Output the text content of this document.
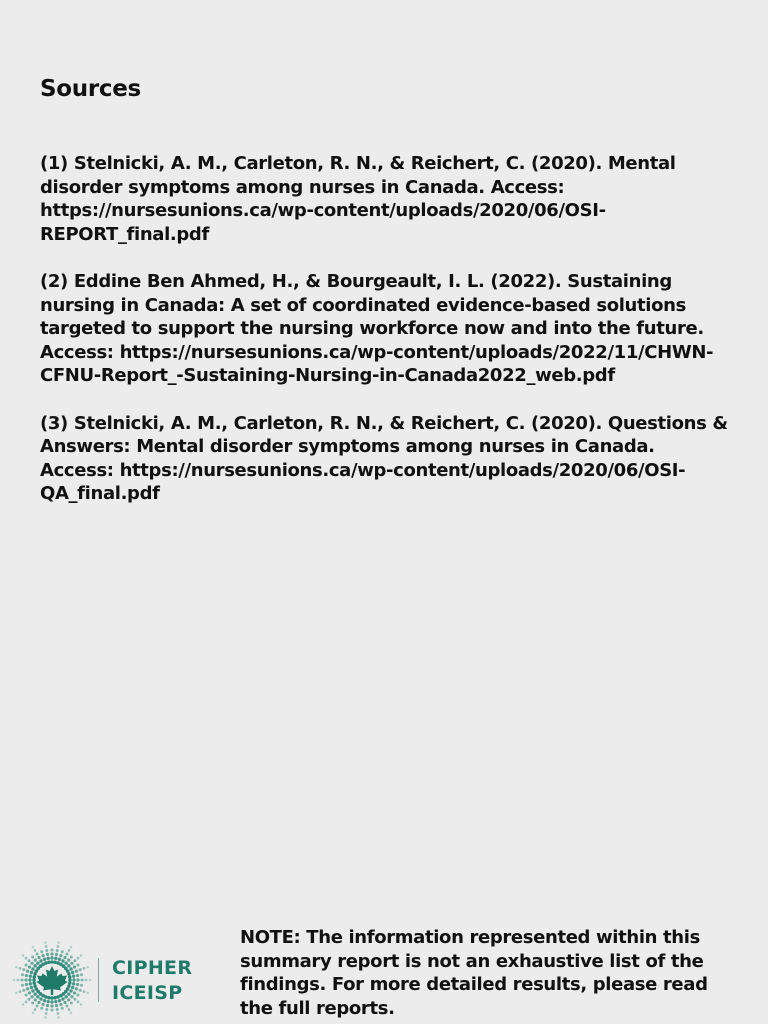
Sources
(1) Stelnicki, A. M., Carleton, R. N., & Reichert, C. (2020). Mental disorder symptoms among nurses in Canada. Access: https://nursesunions.ca/wp-content/uploads/2020/06/OSI-REPORT_final.pdf
(2) Eddine Ben Ahmed, H., & Bourgeault, I. L. (2022). Sustaining nursing in Canada: A set of coordinated evidence-based solutions targeted to support the nursing workforce now and into the future. Access: https://nursesunions.ca/wp-content/uploads/2022/11/CHWN-CFNU-Report_-Sustaining-Nursing-in-Canada2022_web.pdf
(3) Stelnicki, A. M., Carleton, R. N., & Reichert, C. (2020). Questions & Answers: Mental disorder symptoms among nurses in Canada. Access: https://nursesunions.ca/wp-content/uploads/2020/06/OSI-QA_final.pdf
CIPHER
ICEISP

NOTE: The information represented within this summary report is not an exhaustive list of the findings. For more detailed results, please read the full reports.
